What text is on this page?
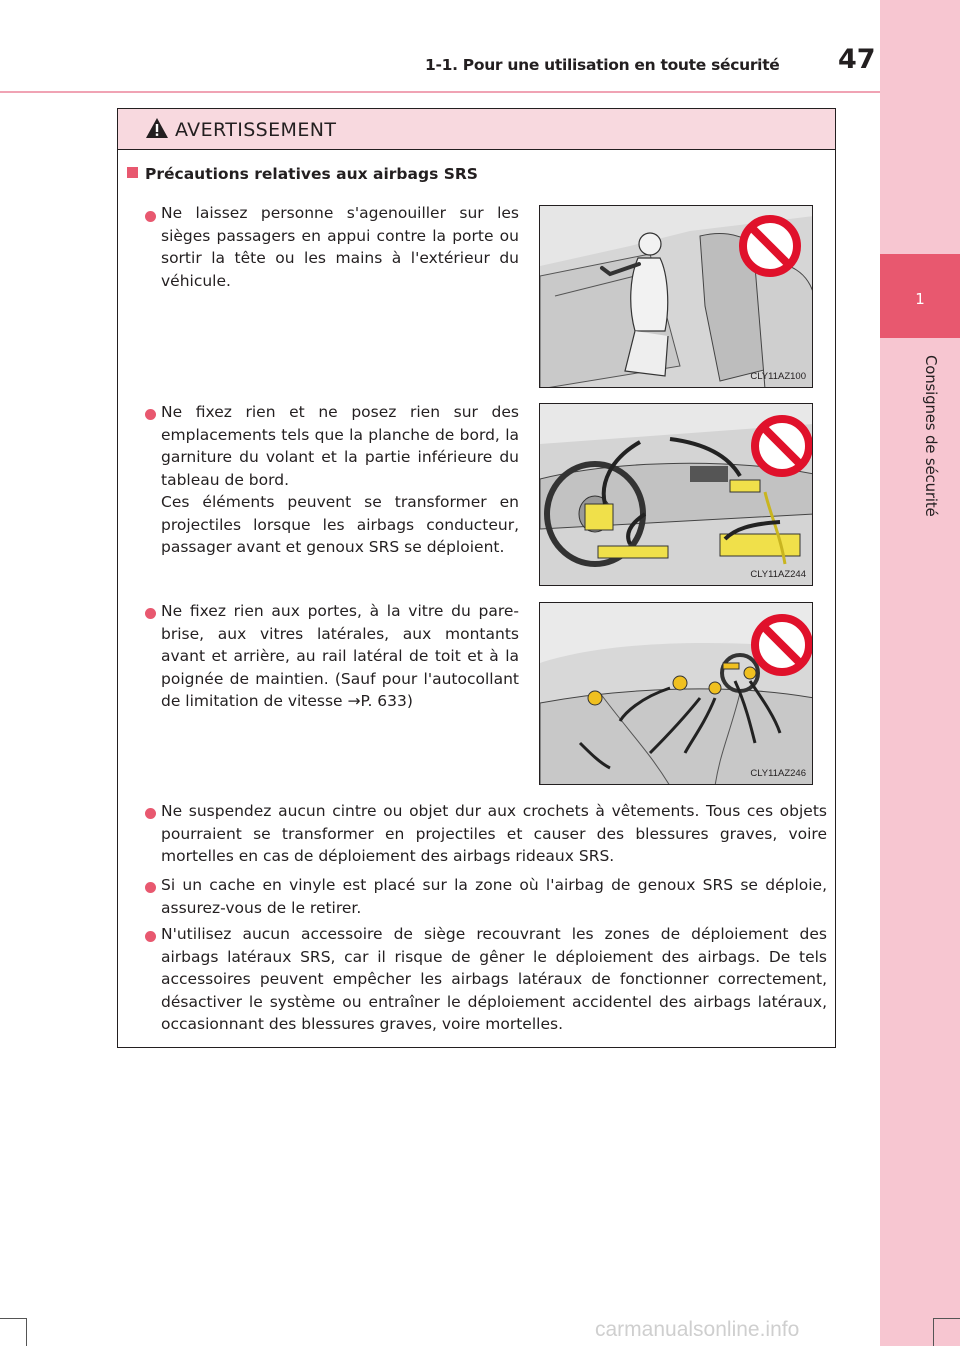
1-1. Pour une utilisation en toute sécurité 47
1
Consignes de sécurité
AVERTISSEMENT
Précautions relatives aux airbags SRS
Ne laissez personne s'agenouiller sur les sièges passagers en appui contre la porte ou sortir la tête ou les mains à l'extérieur du véhicule.
CLY11AZ100
Ne fixez rien et ne posez rien sur des emplacements tels que la planche de bord, la garniture du volant et la partie inférieure du tableau de bord.
Ces éléments peuvent se transformer en projectiles lorsque les airbags conducteur, passager avant et genoux SRS se déploient.
CLY11AZ244
Ne fixez rien aux portes, à la vitre du pare-brise, aux vitres latérales, aux montants avant et arrière, au rail latéral de toit et à la poignée de maintien. (Sauf pour l'autocollant de limitation de vitesse →P. 633)
CLY11AZ246
Ne suspendez aucun cintre ou objet dur aux crochets à vêtements. Tous ces objets pourraient se transformer en projectiles et causer des blessures graves, voire mortelles en cas de déploiement des airbags rideaux SRS.
Si un cache en vinyle est placé sur la zone où l'airbag de genoux SRS se déploie, assurez-vous de le retirer.
N'utilisez aucun accessoire de siège recouvrant les zones de déploiement des airbags latéraux SRS, car il risque de gêner le déploiement des airbags. De tels accessoires peuvent empêcher les airbags latéraux de fonctionner correctement, désactiver le système ou entraîner le déploiement accidentel des airbags latéraux, occasionnant des blessures graves, voire mortelles.
carmanualsonline.info
